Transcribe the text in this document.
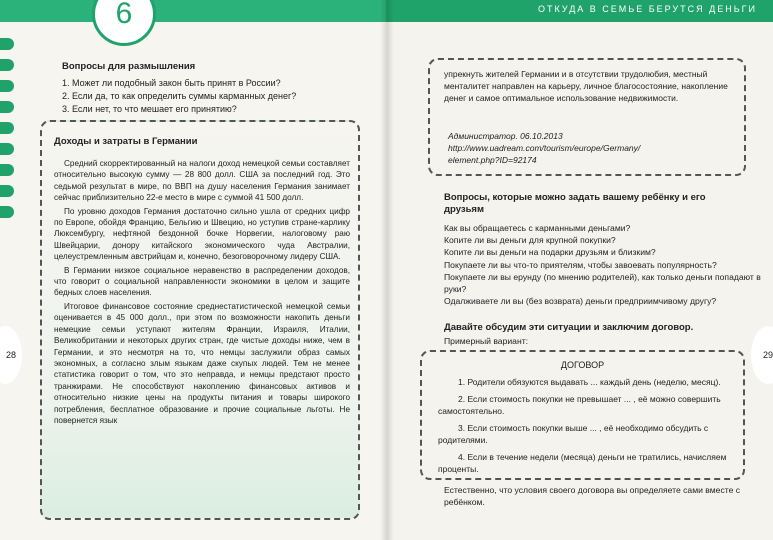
6	ОТКУДА В СЕМЬЕ БЕРУТСЯ ДЕНЬГИ
28	29
Вопросы для размышления

1. Может ли подобный закон быть принят в России?

2. Если да, то как определить суммы карманных денег?

3. Если нет, то что мешает его принятию?

Доходы и затраты в Германии

Средний скорректированный на налоги доход немецкой семьи составляет относительно высокую сумму — 28 800 долл. США за последний год. Это седьмой результат в мире, по ВВП на душу населения Германия занимает сейчас приблизительно 22-е место в мире с суммой 41 500 долл.

По уровню доходов Германия достаточно сильно ушла от средних цифр по Европе, обойдя Францию, Бельгию и Швецию, но уступив стране-карлику Люксембургу, нефтяной бездонной бочке Норвегии, налоговому раю Швейцарии, донору китайского экономического чуда Австралии, целеустремленным австрийцам и, конечно, безоговорочному лидеру США.

В Германии низкое социальное неравенство в распределении доходов, что говорит о социальной направленности экономики в целом и защите бедных слоев населения.

Итоговое финансовое состояние среднестатистической немецкой семьи оценивается в 45 000 долл., при этом по возможности накопить деньги немецкие семьи уступают жителям Франции, Израиля, Италии, Великобритании и некоторых других стран, где чистые доходы ниже, чем в Германии, и это несмотря на то, что немцы заслужили образ самых экономных, а согласно злым языкам даже скупых людей. Тем не менее статистика говорит о том, что это неправда, и немцы предстают просто транжирами. Не способствуют накоплению финансовых активов и относительно низкие цены на продукты питания и товары широкого потребления, бесплатное образование и прочие социальные льготы. Не повернется язык

упрекнуть жителей Германии и в отсутствии трудолюбия, местный менталитет направлен на карьеру, личное благосостояние, накопление денег и самое оптимальное использование недвижимости.
Администратор. 06.10.2013
http://www.uadream.com/tourism/europe/Germany/
element.php?ID=92174
Вопросы, которые можно задать вашему ребёнку и его друзьям

Как вы обращаетесь с карманными деньгами?

Копите ли вы деньги для крупной покупки?

Копите ли вы деньги на подарки друзьям и близким?

Покупаете ли вы что-то приятелям, чтобы завоевать популярность?

Покупаете ли вы ерунду (по мнению родителей), как только деньги попадают в руки?

Одалживаете ли вы (без возврата) деньги предприимчивому другу?

Давайте обсудим эти ситуации и заключим договор.
Примерный вариант:
ДОГОВОР

1. Родители обязуются выдавать ... каждый день (неделю, месяц).

2. Если стоимость покупки не превышает ... , её можно совершить самостоятельно.

3. Если стоимость покупки выше ... , её необходимо обсудить с родителями.

4. Если в течение недели (месяца) деньги не тратились, начисляем проценты.

Естественно, что условия своего договора вы определяете сами вместе с ребёнком.
